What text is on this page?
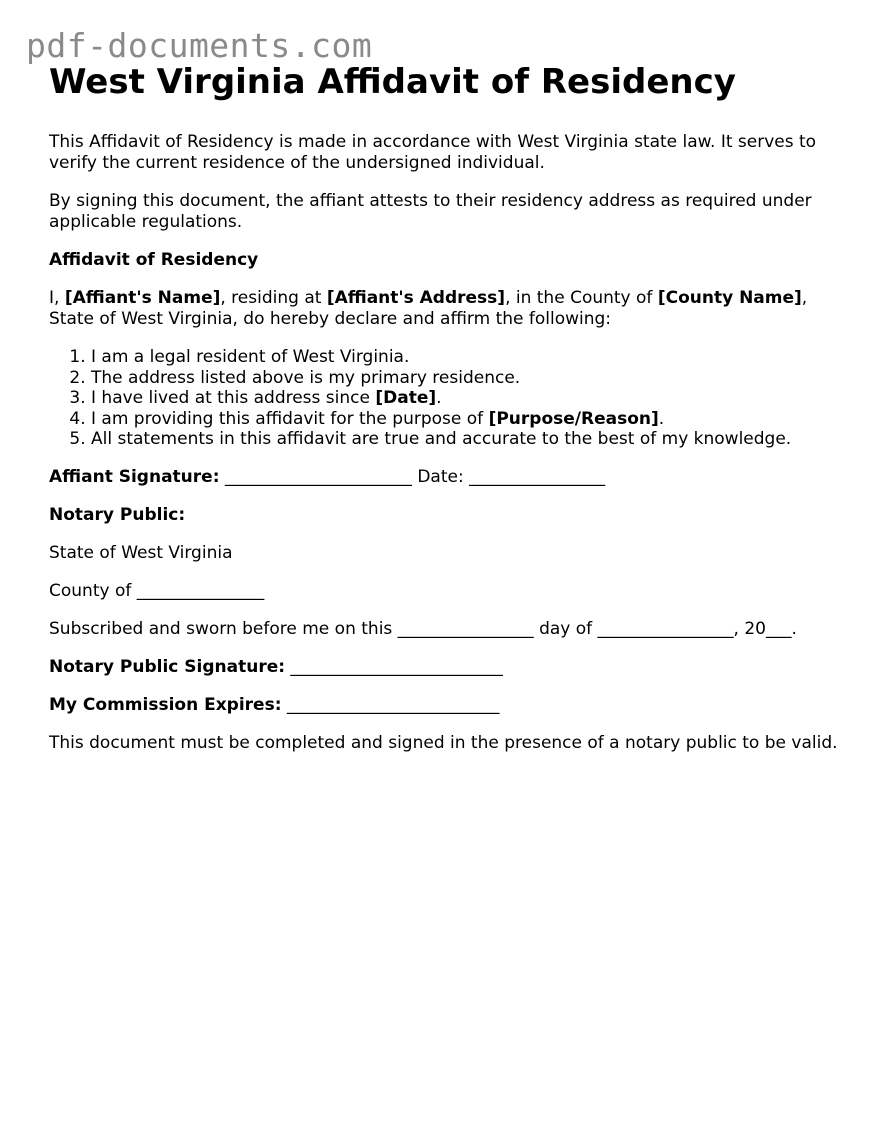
pdf-documents.com
West Virginia Affidavit of Residency

This Affidavit of Residency is made in accordance with West Virginia state law. It serves to verify the current residence of the undersigned individual.

By signing this document, the affiant attests to their residency address as required under applicable regulations.

Affidavit of Residency

I, [Affiant's Name], residing at [Affiant's Address], in the County of [County Name], State of West Virginia, do hereby declare and affirm the following:

1. I am a legal resident of West Virginia.
2. The address listed above is my primary residence.
3. I have lived at this address since [Date].
4. I am providing this affidavit for the purpose of [Purpose/Reason].
5. All statements in this affidavit are true and accurate to the best of my knowledge.

Affiant Signature: ______________________ Date: ________________

Notary Public:

State of West Virginia

County of _______________

Subscribed and sworn before me on this ________________ day of ________________, 20___.

Notary Public Signature: _________________________

My Commission Expires: _________________________

This document must be completed and signed in the presence of a notary public to be valid.
